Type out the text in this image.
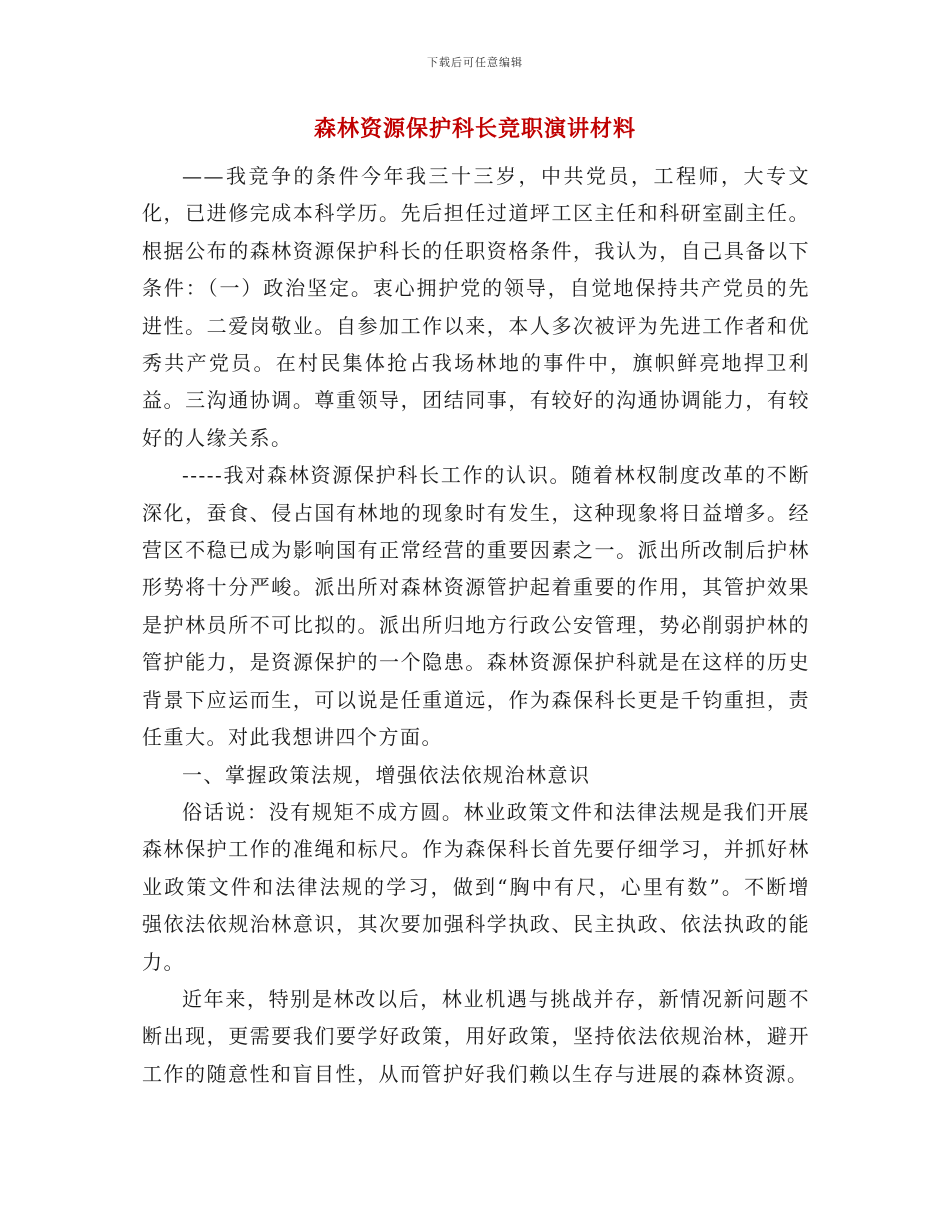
下载后可任意编辑
森林资源保护科长竞职演讲材料

——我竞争的条件今年我三十三岁，中共党员，工程师，大专文化，已进修完成本科学历。先后担任过道坪工区主任和科研室副主任。根据公布的森林资源保护科长的任职资格条件，我认为，自己具备以下条件：（一）政治坚定。衷心拥护党的领导，自觉地保持共产党员的先进性。二爱岗敬业。自参加工作以来，本人多次被评为先进工作者和优秀共产党员。在村民集体抢占我场林地的事件中，旗帜鲜亮地捍卫利益。三沟通协调。尊重领导，团结同事，有较好的沟通协调能力，有较好的人缘关系。

-----我对森林资源保护科长工作的认识。随着林权制度改革的不断深化，蚕食、侵占国有林地的现象时有发生，这种现象将日益增多。经营区不稳已成为影响国有正常经营的重要因素之一。派出所改制后护林形势将十分严峻。派出所对森林资源管护起着重要的作用，其管护效果是护林员所不可比拟的。派出所归地方行政公安管理，势必削弱护林的管护能力，是资源保护的一个隐患。森林资源保护科就是在这样的历史背景下应运而生，可以说是任重道远，作为森保科长更是千钧重担，责任重大。对此我想讲四个方面。

一、掌握政策法规，增强依法依规治林意识

俗话说：没有规矩不成方圆。林业政策文件和法律法规是我们开展森林保护工作的准绳和标尺。作为森保科长首先要仔细学习，并抓好林业政策文件和法律法规的学习，做到“胸中有尺，心里有数”。不断增强依法依规治林意识，其次要加强科学执政、民主执政、依法执政的能力。

近年来，特别是林改以后，林业机遇与挑战并存，新情况新问题不断出现，更需要我们要学好政策，用好政策，坚持依法依规治林，避开工作的随意性和盲目性，从而管护好我们赖以生存与进展的森林资源。
